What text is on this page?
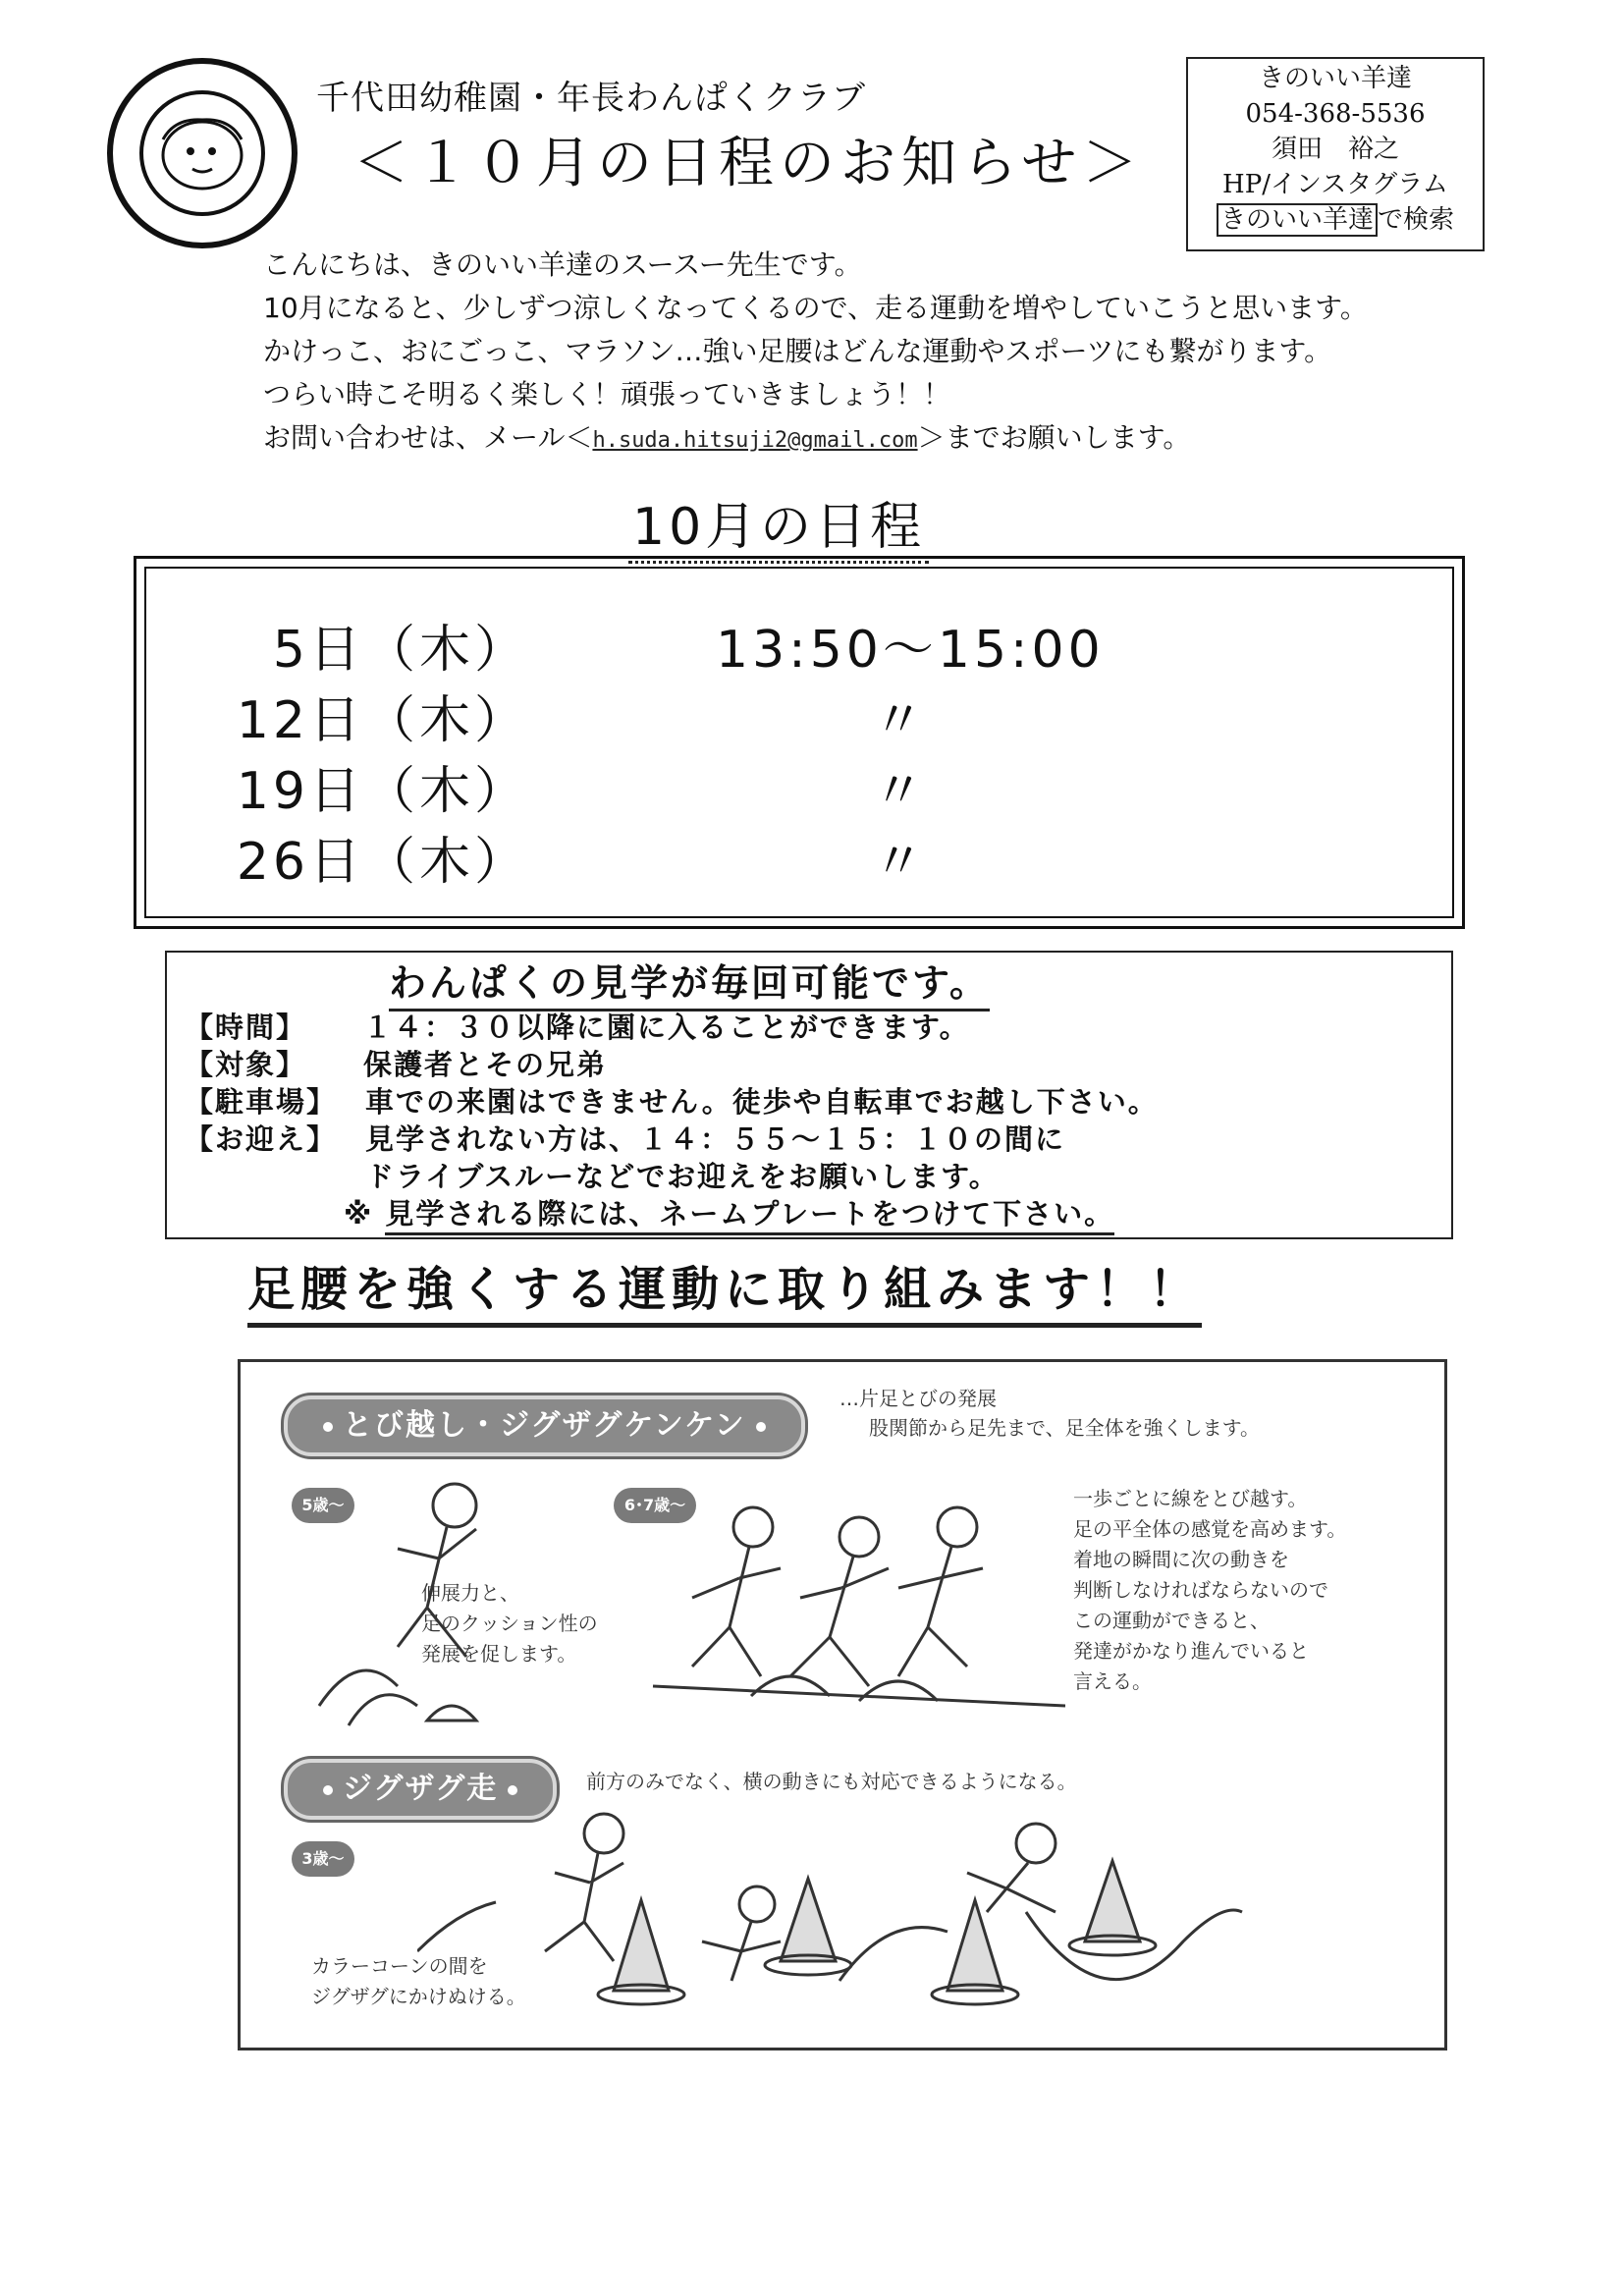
千代田幼稚園・年長わんぱくクラブ
＜１０月の日程のお知らせ＞
きのいい羊達
054-368-5536
須田　裕之
HP/インスタグラム
きのいい羊達 で検索
こんにちは、きのいい羊達のスースー先生です。
10月になると、少しずつ涼しくなってくるので、走る運動を増やしていこうと思います。
かけっこ、おにごっこ、マラソン…強い足腰はどんな運動やスポーツにも繋がります。
つらい時こそ明るく楽しく！頑張っていきましょう！！
お問い合わせは、メール＜h.suda.hitsuji2@gmail.com＞までお願いします。
10月の日程
5日（木）	13:50〜15:00
12日（木）	〃
19日（木）	〃
26日（木）	〃
わんぱくの見学が毎回可能です。
【時間】 １４：３０以降に園に入ることができます。
【対象】 保護者とその兄弟
【駐車場】 車での来園はできません。徒歩や自転車でお越し下さい。
【お迎え】 見学されない方は、１４：５５〜１５：１０の間に
ドライブスルーなどでお迎えをお願いします。
※ 見学される際には、ネームプレートをつけて下さい。
足腰を強くする運動に取り組みます！！
とび越し・ジグザグケンケン
…片足とびの発展
股関節から足先まで、足全体を強くします。
5歳〜	6･7歳〜
伸展力と、
足のクッション性の
発展を促します。
一歩ごとに線をとび越す。
足の平全体の感覚を高めます。
着地の瞬間に次の動きを
判断しなければならないので
この運動ができると、
発達がかなり進んでいると
言える。
ジグザグ走	前方のみでなく、横の動きにも対応できるようになる。
3歳〜
カラーコーンの間を
ジグザグにかけぬける。
